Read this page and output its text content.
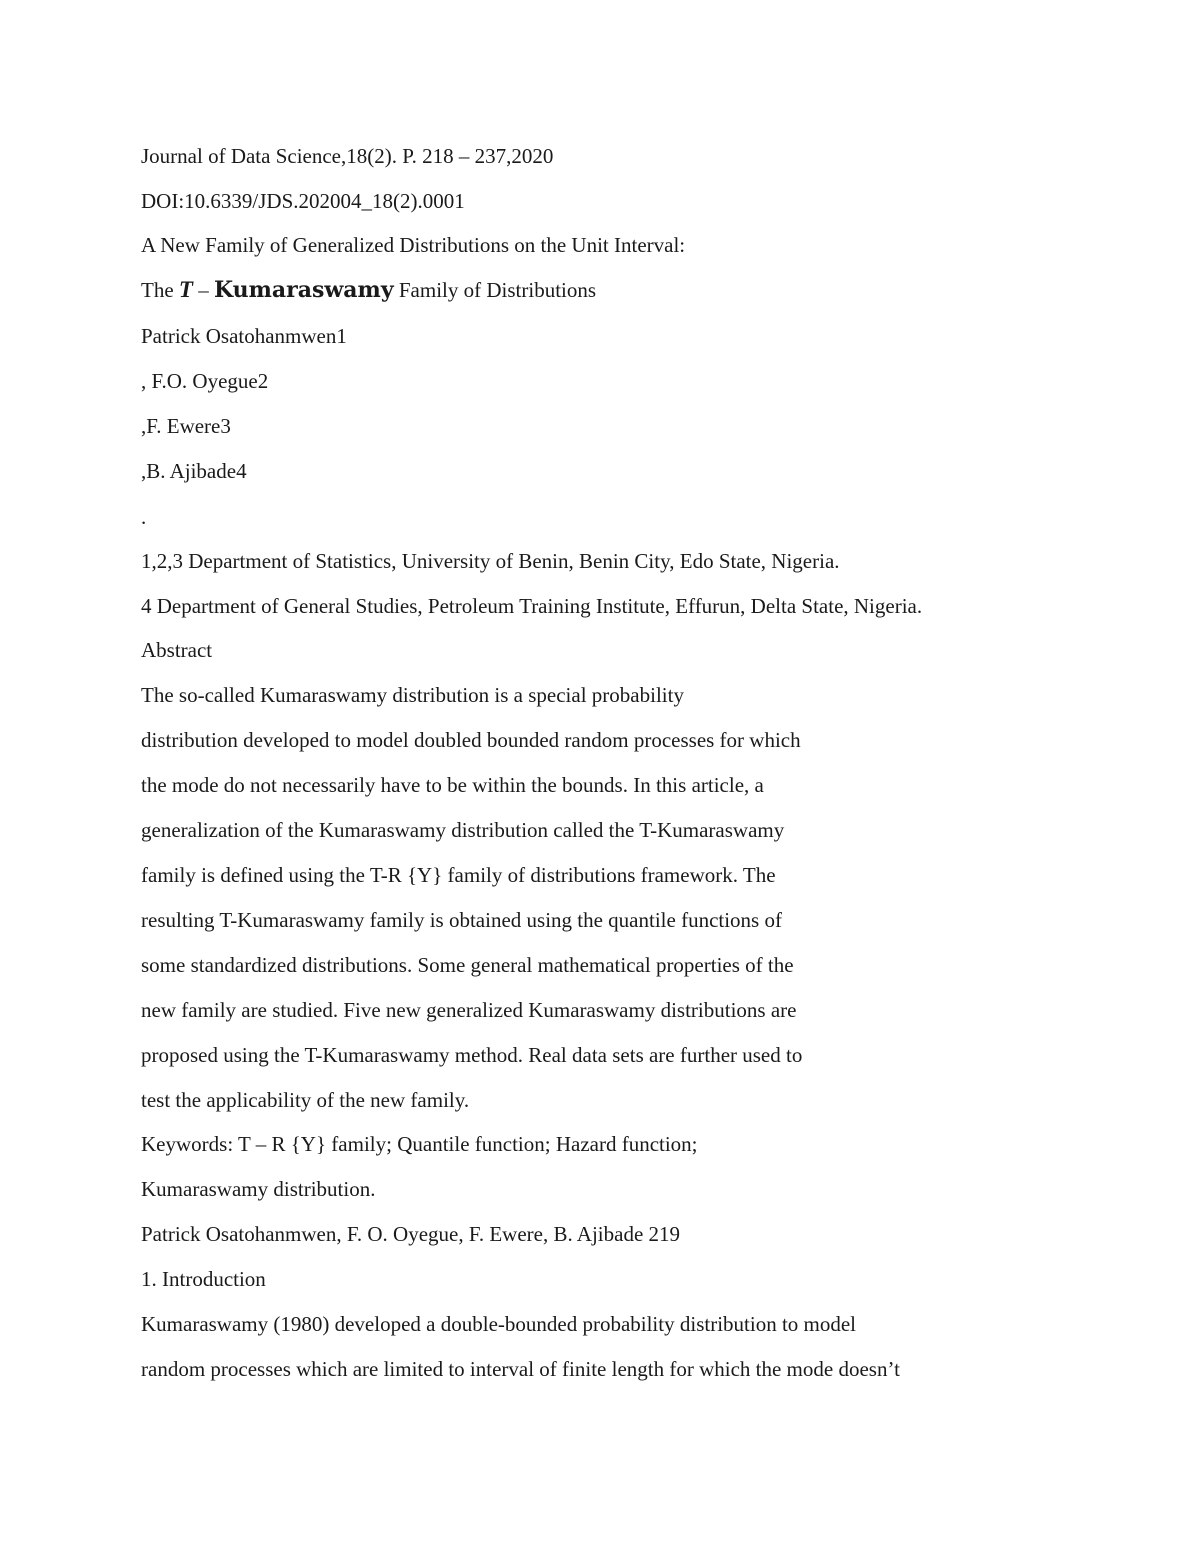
Journal of Data Science,18(2). P. 218 – 237,2020
DOI:10.6339/JDS.202004_18(2).0001
A New Family of Generalized Distributions on the Unit Interval:
The T – Kumaraswamy Family of Distributions
Patrick Osatohanmwen1
, F.O. Oyegue2
,F. Ewere3
,B. Ajibade4
.
1,2,3 Department of Statistics, University of Benin, Benin City, Edo State, Nigeria.
4 Department of General Studies, Petroleum Training Institute, Effurun, Delta State, Nigeria.
Abstract
The so-called Kumaraswamy distribution is a special probability
distribution developed to model doubled bounded random processes for which
the mode do not necessarily have to be within the bounds. In this article, a
generalization of the Kumaraswamy distribution called the T-Kumaraswamy
family is defined using the T-R {Y} family of distributions framework. The
resulting T-Kumaraswamy family is obtained using the quantile functions of
some standardized distributions. Some general mathematical properties of the
new family are studied. Five new generalized Kumaraswamy distributions are
proposed using the T-Kumaraswamy method. Real data sets are further used to
test the applicability of the new family.
Keywords: T – R {Y} family; Quantile function; Hazard function;
Kumaraswamy distribution.
Patrick Osatohanmwen, F. O. Oyegue, F. Ewere, B. Ajibade 219
1. Introduction
Kumaraswamy (1980) developed a double-bounded probability distribution to model
random processes which are limited to interval of finite length for which the mode doesn’t
